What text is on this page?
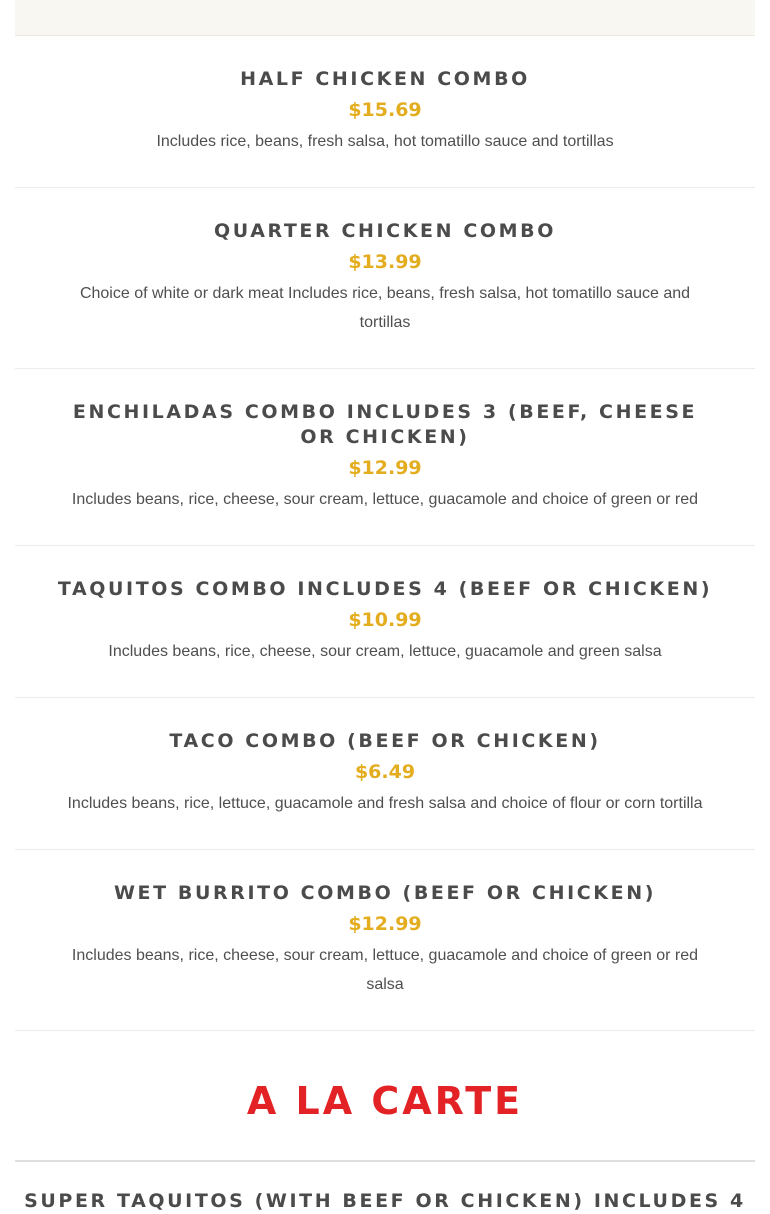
HALF CHICKEN COMBO
$15.69
Includes rice, beans, fresh salsa, hot tomatillo sauce and tortillas
QUARTER CHICKEN COMBO
$13.99
Choice of white or dark meat Includes rice, beans, fresh salsa, hot tomatillo sauce and tortillas
ENCHILADAS COMBO INCLUDES 3 (BEEF, CHEESE OR CHICKEN)
$12.99
Includes beans, rice, cheese, sour cream, lettuce, guacamole and choice of green or red
TAQUITOS COMBO INCLUDES 4 (BEEF OR CHICKEN)
$10.99
Includes beans, rice, cheese, sour cream, lettuce, guacamole and green salsa
TACO COMBO (BEEF OR CHICKEN)
$6.49
Includes beans, rice, lettuce, guacamole and fresh salsa and choice of flour or corn tortilla
WET BURRITO COMBO (BEEF OR CHICKEN)
$12.99
Includes beans, rice, cheese, sour cream, lettuce, guacamole and choice of green or red salsa
A LA CARTE
SUPER TAQUITOS (WITH BEEF OR CHICKEN) INCLUDES 4
